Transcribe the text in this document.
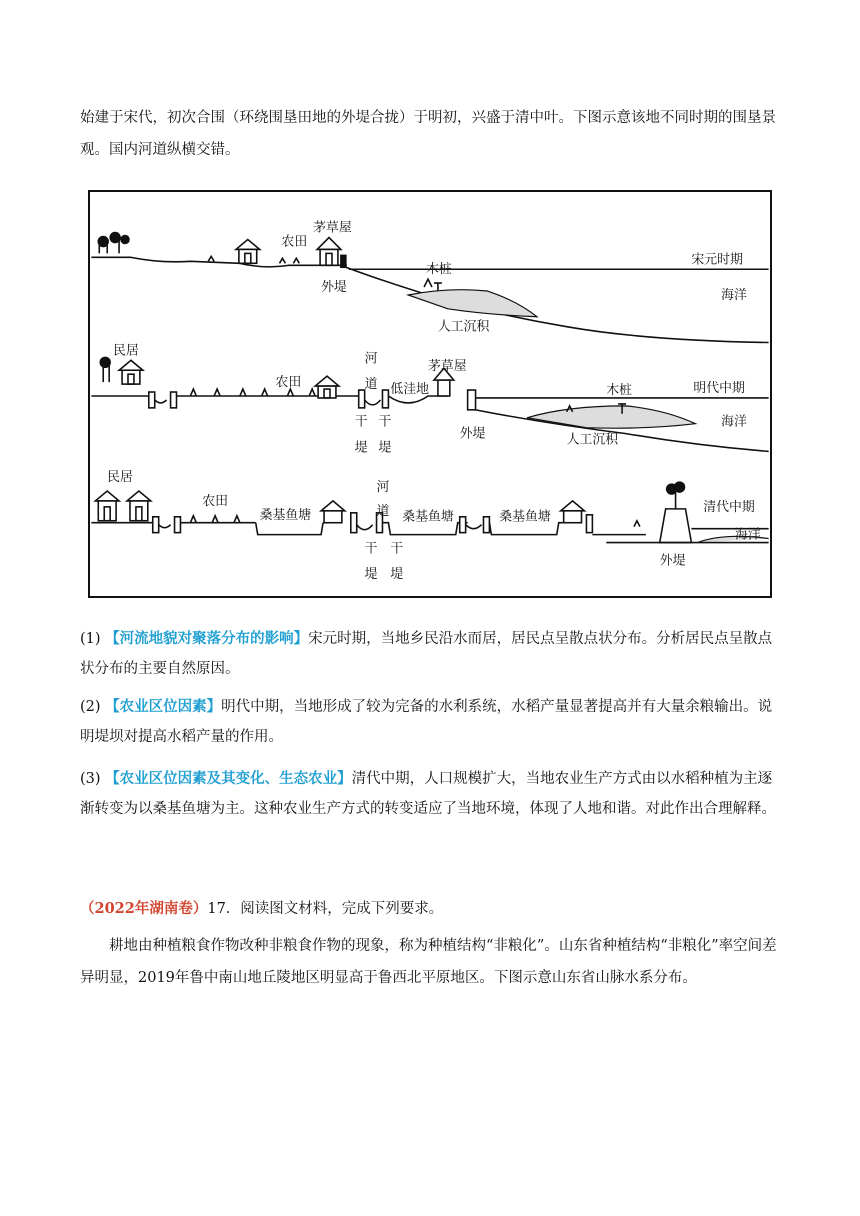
始建于宋代，初次合围（环绕围垦田地的外堤合拢）于明初，兴盛于清中叶。下图示意该地不同时期的围垦景观。国内河道纵横交错。
茅草屋
农田
外堤
木桩
人工沉积
宋元时期
海洋
民居
农田
河
道 低洼地
茅草屋
干
堤
干
堤
外堤
木桩
人工沉积
明代中期
海洋
民居
农田
桑基鱼塘
河
道 桑基鱼塘	桑基鱼塘
干
堤
干
堤
外堤
清代中期
海洋
(1) 【河流地貌对聚落分布的影响】宋元时期，当地乡民沿水而居，居民点呈散点状分布。分析居民点呈散点状分布的主要自然原因。
(2) 【农业区位因素】明代中期，当地形成了较为完备的水利系统，水稻产量显著提高并有大量余粮输出。说明堤坝对提高水稻产量的作用。
(3) 【农业区位因素及其变化、生态农业】清代中期，人口规模扩大，当地农业生产方式由以水稻种植为主逐渐转变为以桑基鱼塘为主。这种农业生产方式的转变适应了当地环境，体现了人地和谐。对此作出合理解释。
（2022年湖南卷）17．阅读图文材料，完成下列要求。
耕地由种植粮食作物改种非粮食作物的现象，称为种植结构“非粮化”。山东省种植结构“非粮化”率空间差异明显，2019年鲁中南山地丘陵地区明显高于鲁西北平原地区。下图示意山东省山脉水系分布。
